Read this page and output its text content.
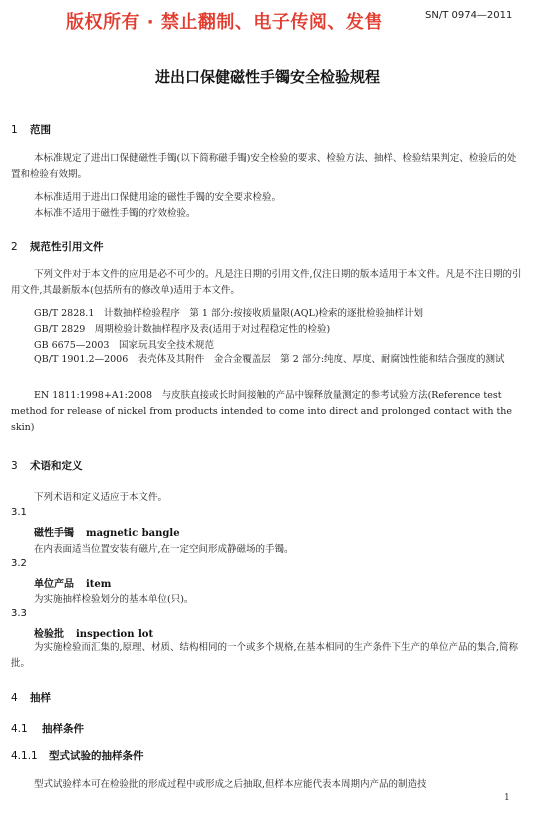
版权所有 · 禁止翻制、电子传阅、发售	SN/T 0974—2011
进出口保健磁性手镯安全检验规程
1 范围
本标准规定了进出口保健磁性手镯(以下简称磁手镯)安全检验的要求、检验方法、抽样、检验结果判定、检验后的处置和检验有效期。
本标准适用于进出口保健用途的磁性手镯的安全要求检验。
本标准不适用于磁性手镯的疗效检验。
2 规范性引用文件
下列文件对于本文件的应用是必不可少的。凡是注日期的引用文件,仅注日期的版本适用于本文件。凡是不注日期的引用文件,其最新版本(包括所有的修改单)适用于本文件。
GB/T 2828.1　计数抽样检验程序　第 1 部分:按接收质量限(AQL)检索的逐批检验抽样计划
GB/T 2829　周期检验计数抽样程序及表(适用于对过程稳定性的检验)
GB 6675—2003　国家玩具安全技术规范
QB/T 1901.2—2006　表壳体及其附件　金合金覆盖层　第 2 部分:纯度、厚度、耐腐蚀性能和结合强度的测试
EN 1811:1998+A1:2008　与皮肤直接或长时间接触的产品中镍释放量测定的参考试验方法(Reference test method for release of nickel from products intended to come into direct and prolonged contact with the skin)
3 术语和定义
下列术语和定义适应于本文件。
3.1
磁性手镯 magnetic bangle
在内表面适当位置安装有磁片,在一定空间形成静磁场的手镯。
3.2
单位产品 item
为实施抽样检验划分的基本单位(只)。
3.3
检验批 inspection lot
为实施检验而汇集的,原理、材质、结构相同的一个或多个规格,在基本相同的生产条件下生产的单位产品的集合,简称批。
4 抽样
4.1 抽样条件
4.1.1 型式试验的抽样条件
型式试验样本可在检验批的形成过程中或形成之后抽取,但样本应能代表本周期内产品的制造技
1
